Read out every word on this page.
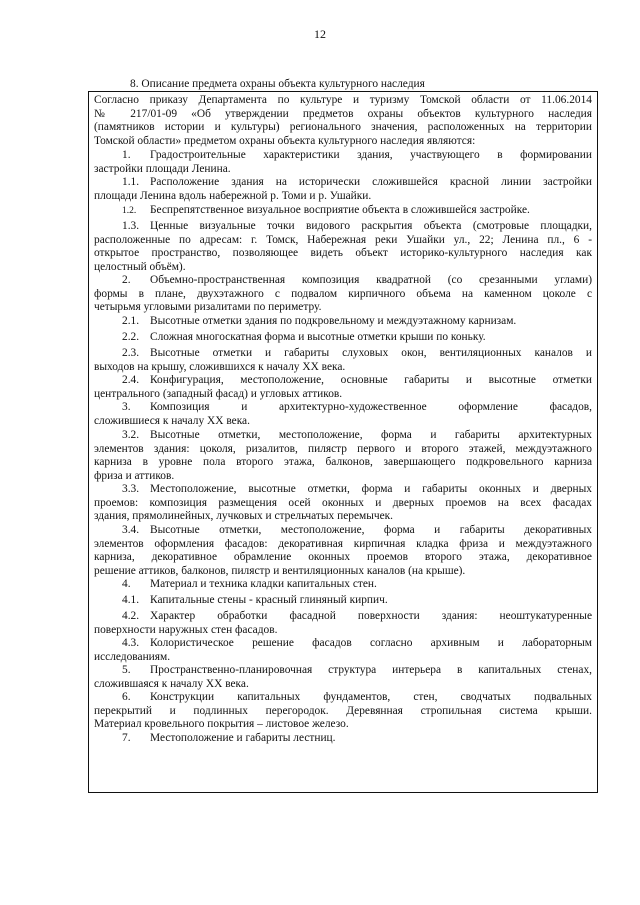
12
8. Описание предмета охраны объекта культурного наследия
Согласно приказу Департамента по культуре и туризму Томской области от 11.06.2014
№ 217/01-09 «Об утверждении предметов охраны объектов культурного наследия
(памятников истории и культуры) регионального значения, расположенных на территории
Томской области» предметом охраны объекта культурного наследия являются:
1. Градостроительные характеристики здания, участвующего в формировании
застройки площади Ленина.
1.1. Расположение здания на исторически сложившейся красной линии застройки
площади Ленина вдоль набережной р. Томи и р. Ушайки.
1.2. Беспрепятственное визуальное восприятие объекта в сложившейся застройке.
1.3. Ценные визуальные точки видового раскрытия объекта (смотровые площадки,
расположенные по адресам: г. Томск, Набережная реки Ушайки ул., 22; Ленина пл., 6 -
открытое пространство, позволяющее видеть объект историко-культурного наследия как
целостный объём).
2. Объемно-пространственная композиция квадратной (со срезанными углами)
формы в плане, двухэтажного с подвалом кирпичного объема на каменном цоколе с
четырьмя угловыми ризалитами по периметру.
2.1. Высотные отметки здания по подкровельному и междуэтажному карнизам.
2.2. Сложная многоскатная форма и высотные отметки крыши по коньку.
2.3. Высотные отметки и габариты слуховых окон, вентиляционных каналов и
выходов на крышу, сложившихся к началу XX века.
2.4. Конфигурация, местоположение, основные габариты и высотные отметки
центрального (западный фасад) и угловых аттиков.
3. Композиция и архитектурно-художественное оформление фасадов,
сложившиеся к началу XX века.
3.2. Высотные отметки, местоположение, форма и габариты архитектурных
элементов здания: цоколя, ризалитов, пилястр первого и второго этажей, междуэтажного
карниза в уровне пола второго этажа, балконов, завершающего подкровельного карниза
фриза и аттиков.
3.3. Местоположение, высотные отметки, форма и габариты оконных и дверных
проемов: композиция размещения осей оконных и дверных проемов на всех фасадах
здания, прямолинейных, лучковых и стрельчатых перемычек.
3.4. Высотные отметки, местоположение, форма и габариты декоративных
элементов оформления фасадов: декоративная кирпичная кладка фриза и междуэтажного
карниза, декоративное обрамление оконных проемов второго этажа, декоративное
решение аттиков, балконов, пилястр и вентиляционных каналов (на крыше).
4. Материал и техника кладки капитальных стен.
4.1. Капитальные стены - красный глиняный кирпич.
4.2. Характер обработки фасадной поверхности здания: неоштукатуренные
поверхности наружных стен фасадов.
4.3. Колористическое решение фасадов согласно архивным и лабораторным
исследованиям.
5. Пространственно-планировочная структура интерьера в капитальных стенах,
сложившаяся к началу XX века.
6. Конструкции капитальных фундаментов, стен, сводчатых подвальных
перекрытий и подлинных перегородок. Деревянная стропильная система крыши.
Материал кровельного покрытия – листовое железо.
7. Местоположение и габариты лестниц.
